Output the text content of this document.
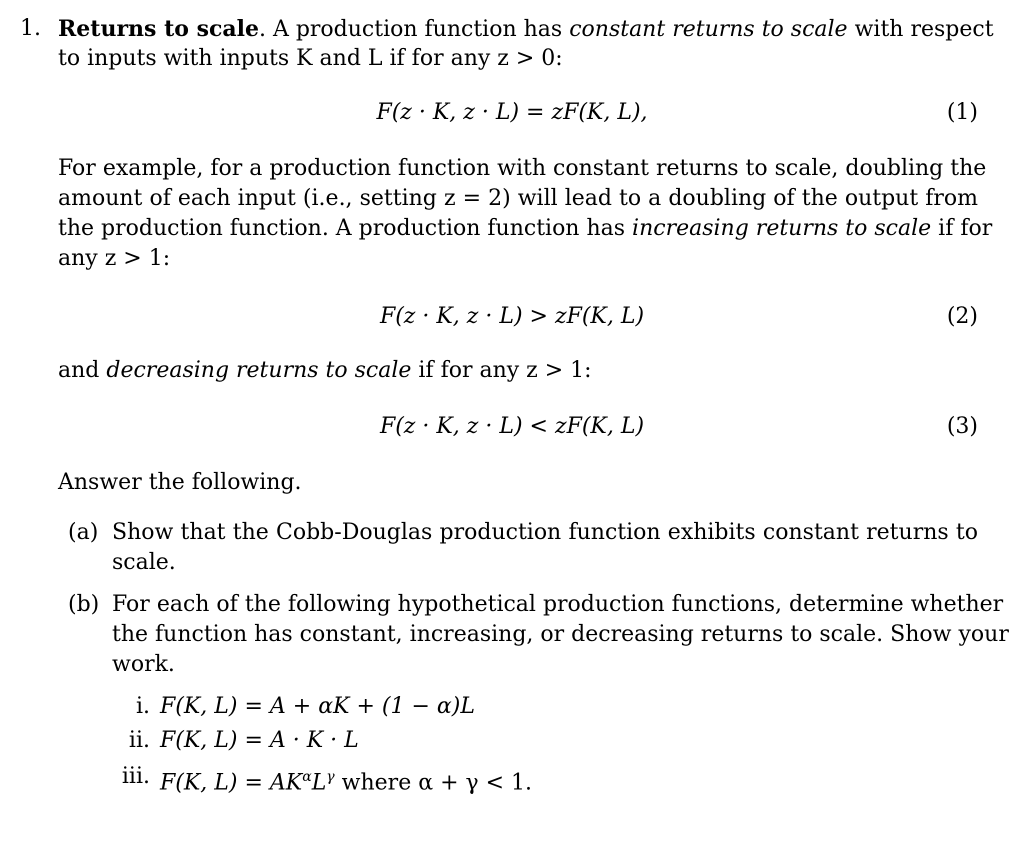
1. Returns to scale. A production function has constant returns to scale with respect
to inputs with inputs K and L if for any z > 0:
F(z · K, z · L) = zF(K, L),	(1)
For example, for a production function with constant returns to scale, doubling the
amount of each input (i.e., setting z = 2) will lead to a doubling of the output from
the production function. A production function has increasing returns to scale if for
any z > 1:
F(z · K, z · L) > zF(K, L)	(2)
and decreasing returns to scale if for any z > 1:
F(z · K, z · L) < zF(K, L)	(3)
Answer the following.
(a) Show that the Cobb-Douglas production function exhibits constant returns to
scale.
(b) For each of the following hypothetical production functions, determine whether
the function has constant, increasing, or decreasing returns to scale. Show your
work.
i. F(K, L) = A + αK + (1 − α)L
ii. F(K, L) = A · K · L
iii. F(K, $L) = AK^\alpha L^\gamma$ where α + γ < 1.
